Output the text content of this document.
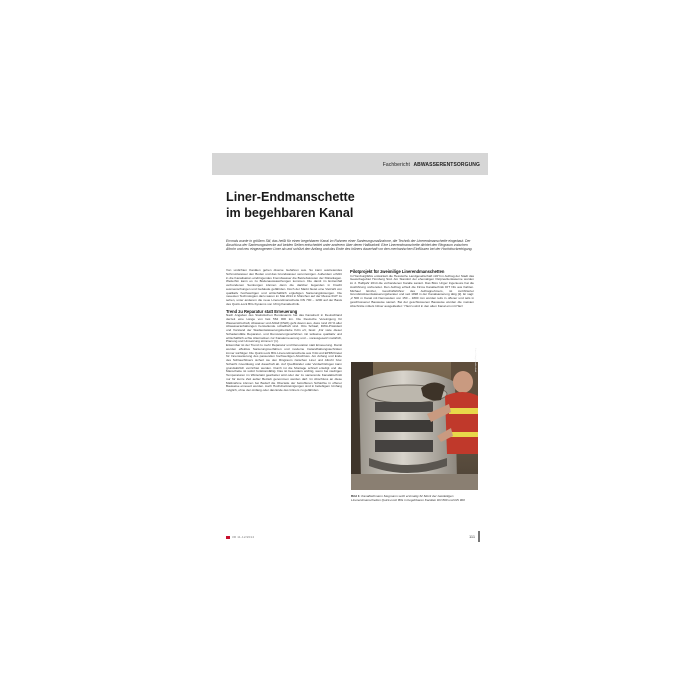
Fachbericht ABWASSERENTSORGUNG
Liner-Endmanschette
im begehbaren Kanal

Ercmals wurde in größem Stil, das heißt für einen begehbaren Kanal im Rahmen einer Sanierungsmaßnahme, die Technik der Linerendmanschette eingebaut. Der Abschluss der Sanierungsstrecke auf beiden Seiten entscheidet unter anderem über deren Haltbarkeit. Eine Linerendmanschette dichtet den Ringraum zwischen Altrohr und neu eingezogenem Liner ab und schützt den Anfang und das Ende des Inliners dauerhaft vor den mechanischen Einflüssen bei der Hochdruckreinigung.

Von undichten Kanälen gehen diverse Gefahren aus. So kann austretendes Schmutzwasser den Boden und das Grundwasser verunreinigen. Außerdem erhöht in die Kanalisation eindringendes Fremdwasser die Betriebskosten der Kläranlagen. Weiterhin kann es zu Bodenauswaschungen kommen. Die damit im Extremfall verbundenen Senkungen können dann die darüber liegenden in Fracht ausmenschungen und Gebäude gefährden. Doch der Markt bietet eine Vielzahl von qualitativ hochwertigen und wirtschaftlich ergiebigen Sanierungslösungen. Die neuesten Technologien dazu waren im Mai 2014 in München auf der Messe IFAT zu sehen, unter anderem die neue Linerendmanschette DN 700 – 1200 auf der Basis des Quick-Lock BIG-Systems von Uhrig Kanaltechnik.

Trend zu Reparatur statt Erneuerung

Nach Angaben des Statistischen Bundesamts hat das Kanalnetz in Deutschland derzeit eine Länge von fast 562 000 km. Die Deutsche Vereinigung für Wasserwirtschaft, Abwasser und Abfall (DWA) geht davon aus, dass rund 20 % aller Abwasseranhaltungen herstellende schadhaft sind. Otto Schaaf, DWA-Präsident und Vorstand der Stadtentwässerungsbetriebe Köln eV, fasst: „Für viele dieser Schadensfälle Reparatur- und Renovierungsverfahren mit teilweise qualitativ und wirtschaftlich echte Alternativen zur Kanalerneuerung und – vorausgesetzt natürlich, Planung und Umsetzung stimmen“ [1].

Erkennbar ist der Trend zu mehr Reparatur und Renovation statt Erneuerung. Damit werden effektive Sanierungsverfahren und moderne Instandhaltungstechniken immer wichtiger. Die Quick-Lock BIG Linerendmanschette aus V4A und EPDM bietet für Innensanierung des passenden hochwertigen Abschluss. Am Anfang und Ende des Schlauchliners sichert sie den Ringraum zwischen Liner und Altrohr bzw. Schacht zuverlässig und dauerhaft ab. Auf Quellbänder oder Verdachtsfugen kann grundsätzlich verzichtet werden. Durch ist die Montage schnell erledigt und die Manschette ist sofort funktionsfähig. Das ist besonders wichtig, wenn bei niedrigen Temperaturen im Wintertakt gearbeitet wird oder der zu sanierende Kanalabschnitt nur für kurze Zeit außer Betrieb genommen werden darf. Im Abschluss an diese Maßnahme können bei Bedarf die Oberteile der betroffenen Schächte in offener Bauweise erneuert werden. Auch Hochdruckreinigungen sind in beliebigem Umfang möglich, ohne den Anfang oder das Ende des Inliners zu gefährden.

Pilotprojekt für zweimilige Linerendmanschetten

In Homburg/Efze entwickelt die Hessische Landgesellschaft mbH im Auftrag der Stadt das Gewerbegebiet Homberg Süd. Am Standort der ehemaligen Ostpreußenkaserne wurden im 2. Halbjahr 2014 die vorhandenen Kanäle saniert. Das Büro Unger Ingenieure hat die Ausführung vorbereitet. Den Auftrag erhielt die Firma Kanaltechnik DIT NG aus Kahlen. Michael Einzler, Geschäftsführer des Auftragnehmers, ist zertifizierter Grundstücksentwässerungsberater und seit 1998 in der Kanalsanierung tätig [2]. Er sagt: „2 500 m Kanal mit Nennweiten von 150 – 1800 mm wurden teils in offener und teils in geschlossener Bauweise saniert. Bei der geschlossenen Bauweise wurden die meisten Abschnitte mittels Inliner ausgekleidet.“ Hierzu wird in den alten Kanal ein mit Harz

Foto: Uhrig Kanaltechnik

Bild 1: Kanalfachmann Siegmann setzt erstmalig 32 Stück der zweiteiligen Linerendmanschetten Quick-Lock BIG in begehbaren Kanälen DN 800 und DN 900

3R 11-12/2014	111
